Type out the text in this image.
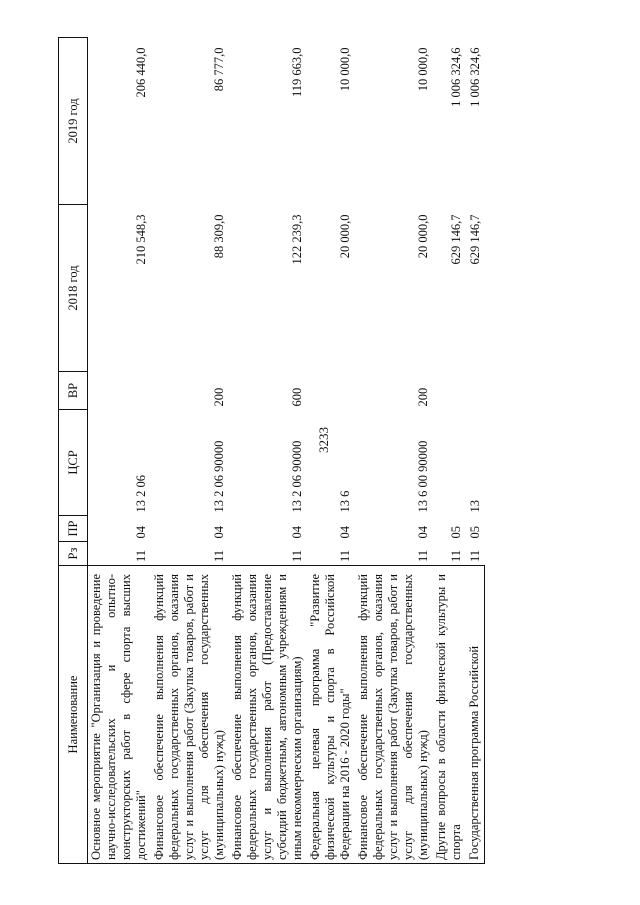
3233
Наименование	Рз	ПР	ЦСР	ВР	2018 год	2019 год
Основное мероприятие "Организация и проведение научно-исследовательских и опытно-конструкторских работ в сфере спорта высших достижений"	11	04	13 2 06		210 548,3	206 440,0
Финансовое обеспечение выполнения функций федеральных государственных органов, оказания услуг и выполнения работ (Закупка товаров, работ и услуг для обеспечения государственных (муниципальных) нужд)	11	04	13 2 06 90000	200	88 309,0	86 777,0
Финансовое обеспечение выполнения функций федеральных государственных органов, оказания услуг и выполнения работ (Предоставление субсидий бюджетным, автономным учреждениям и иным некоммерческим организациям)	11	04	13 2 06 90000	600	122 239,3	119 663,0
Федеральная целевая программа "Развитие физической культуры и спорта в Российской Федерации на 2016 - 2020 годы"	11	04	13 6		20 000,0	10 000,0
Финансовое обеспечение выполнения функций федеральных государственных органов, оказания услуг и выполнения работ (Закупка товаров, работ и услуг для обеспечения государственных (муниципальных) нужд)	11	04	13 6 00 90000	200	20 000,0	10 000,0
Другие вопросы в области физической культуры и спорта	11	05			629 146,7	1 006 324,6
Государственная программа Российской	11	05	13		629 146,7	1 006 324,6
